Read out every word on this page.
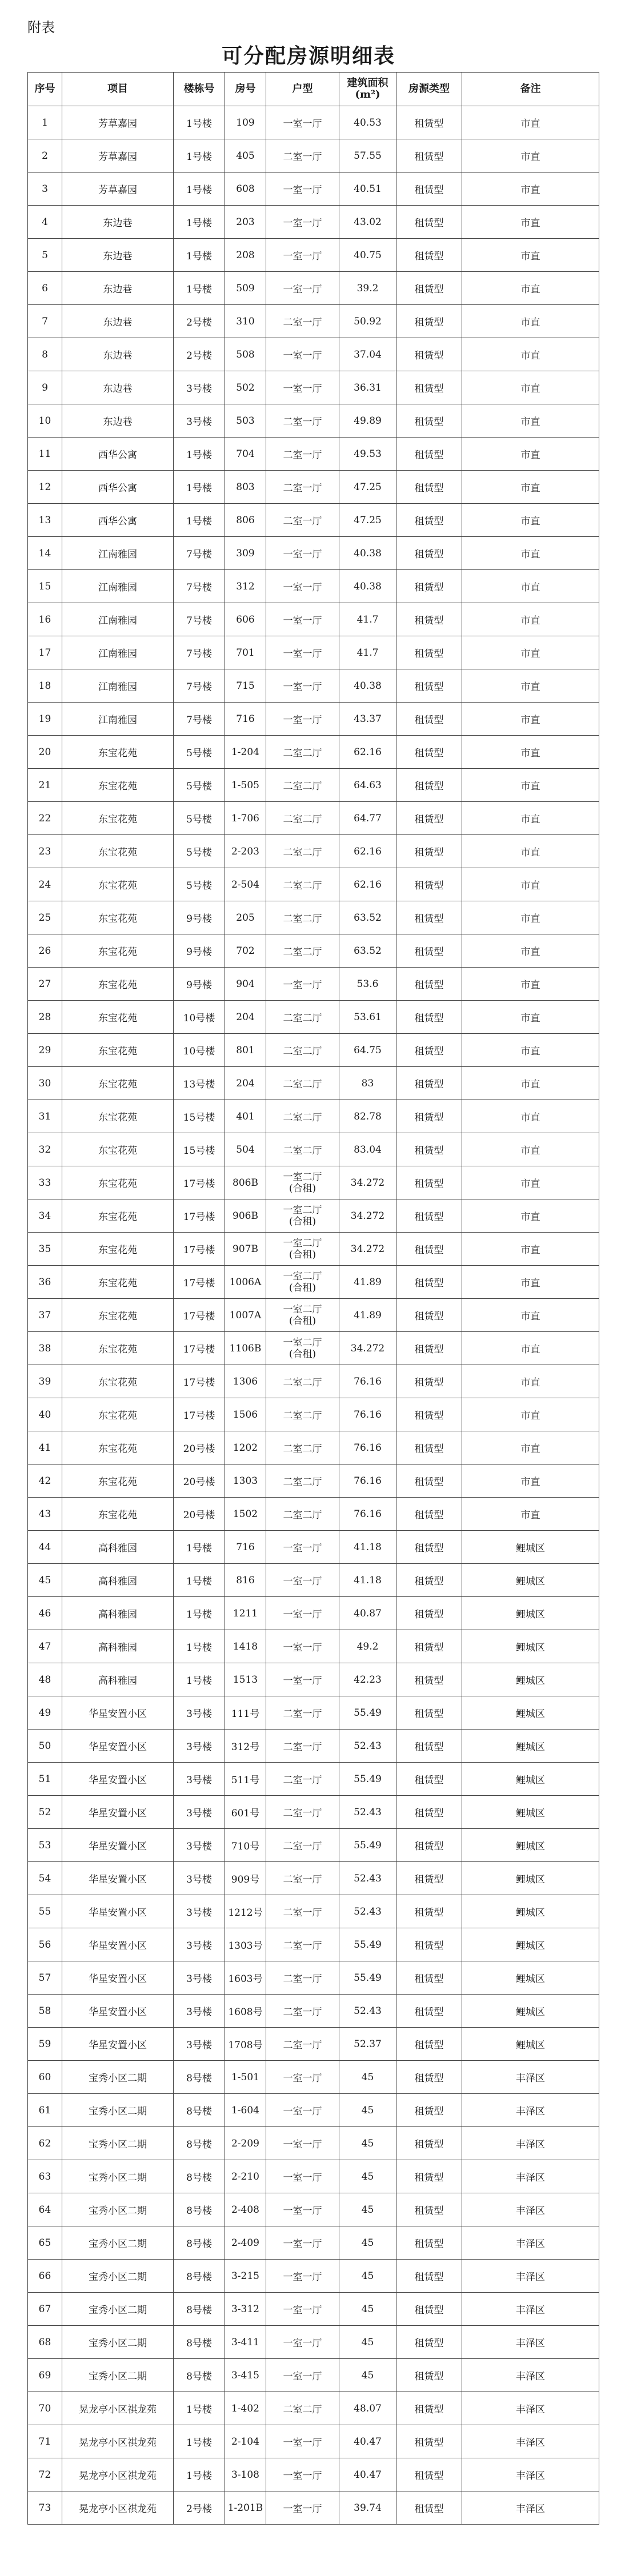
附表
可分配房源明细表
序号	项目	楼栋号	房号	户型	建筑面积
(m²)	房源类型	备注
1	芳草嘉园	1号楼	109	一室一厅	40.53	租赁型	市直
2	芳草嘉园	1号楼	405	二室一厅	57.55	租赁型	市直
3	芳草嘉园	1号楼	608	一室一厅	40.51	租赁型	市直
4	东边巷	1号楼	203	一室一厅	43.02	租赁型	市直
5	东边巷	1号楼	208	一室一厅	40.75	租赁型	市直
6	东边巷	1号楼	509	一室一厅	39.2	租赁型	市直
7	东边巷	2号楼	310	二室一厅	50.92	租赁型	市直
8	东边巷	2号楼	508	一室一厅	37.04	租赁型	市直
9	东边巷	3号楼	502	一室一厅	36.31	租赁型	市直
10	东边巷	3号楼	503	二室一厅	49.89	租赁型	市直
11	西华公寓	1号楼	704	二室一厅	49.53	租赁型	市直
12	西华公寓	1号楼	803	二室一厅	47.25	租赁型	市直
13	西华公寓	1号楼	806	二室一厅	47.25	租赁型	市直
14	江南雅园	7号楼	309	一室一厅	40.38	租赁型	市直
15	江南雅园	7号楼	312	一室一厅	40.38	租赁型	市直
16	江南雅园	7号楼	606	一室一厅	41.7	租赁型	市直
17	江南雅园	7号楼	701	一室一厅	41.7	租赁型	市直
18	江南雅园	7号楼	715	一室一厅	40.38	租赁型	市直
19	江南雅园	7号楼	716	一室一厅	43.37	租赁型	市直
20	东宝花苑	5号楼	1-204	二室二厅	62.16	租赁型	市直
21	东宝花苑	5号楼	1-505	二室二厅	64.63	租赁型	市直
22	东宝花苑	5号楼	1-706	二室二厅	64.77	租赁型	市直
23	东宝花苑	5号楼	2-203	二室二厅	62.16	租赁型	市直
24	东宝花苑	5号楼	2-504	二室二厅	62.16	租赁型	市直
25	东宝花苑	9号楼	205	二室二厅	63.52	租赁型	市直
26	东宝花苑	9号楼	702	二室二厅	63.52	租赁型	市直
27	东宝花苑	9号楼	904	一室一厅	53.6	租赁型	市直
28	东宝花苑	10号楼	204	二室二厅	53.61	租赁型	市直
29	东宝花苑	10号楼	801	二室二厅	64.75	租赁型	市直
30	东宝花苑	13号楼	204	二室二厅	83	租赁型	市直
31	东宝花苑	15号楼	401	二室二厅	82.78	租赁型	市直
32	东宝花苑	15号楼	504	二室二厅	83.04	租赁型	市直
33	东宝花苑	17号楼	806B	一室二厅
(合租)	34.272	租赁型	市直
34	东宝花苑	17号楼	906B	一室二厅
(合租)	34.272	租赁型	市直
35	东宝花苑	17号楼	907B	一室二厅
(合租)	34.272	租赁型	市直
36	东宝花苑	17号楼	1006A	一室二厅
(合租)	41.89	租赁型	市直
37	东宝花苑	17号楼	1007A	一室二厅
(合租)	41.89	租赁型	市直
38	东宝花苑	17号楼	1106B	一室二厅
(合租)	34.272	租赁型	市直
39	东宝花苑	17号楼	1306	二室二厅	76.16	租赁型	市直
40	东宝花苑	17号楼	1506	二室二厅	76.16	租赁型	市直
41	东宝花苑	20号楼	1202	二室二厅	76.16	租赁型	市直
42	东宝花苑	20号楼	1303	二室二厅	76.16	租赁型	市直
43	东宝花苑	20号楼	1502	二室二厅	76.16	租赁型	市直
44	高科雅园	1号楼	716	一室一厅	41.18	租赁型	鲤城区
45	高科雅园	1号楼	816	一室一厅	41.18	租赁型	鲤城区
46	高科雅园	1号楼	1211	一室一厅	40.87	租赁型	鲤城区
47	高科雅园	1号楼	1418	一室一厅	49.2	租赁型	鲤城区
48	高科雅园	1号楼	1513	一室一厅	42.23	租赁型	鲤城区
49	华星安置小区	3号楼	111号	二室一厅	55.49	租赁型	鲤城区
50	华星安置小区	3号楼	312号	二室一厅	52.43	租赁型	鲤城区
51	华星安置小区	3号楼	511号	二室一厅	55.49	租赁型	鲤城区
52	华星安置小区	3号楼	601号	二室一厅	52.43	租赁型	鲤城区
53	华星安置小区	3号楼	710号	二室一厅	55.49	租赁型	鲤城区
54	华星安置小区	3号楼	909号	二室一厅	52.43	租赁型	鲤城区
55	华星安置小区	3号楼	1212号	二室一厅	52.43	租赁型	鲤城区
56	华星安置小区	3号楼	1303号	二室一厅	55.49	租赁型	鲤城区
57	华星安置小区	3号楼	1603号	二室一厅	55.49	租赁型	鲤城区
58	华星安置小区	3号楼	1608号	二室一厅	52.43	租赁型	鲤城区
59	华星安置小区	3号楼	1708号	二室一厅	52.37	租赁型	鲤城区
60	宝秀小区二期	8号楼	1-501	一室一厅	45	租赁型	丰泽区
61	宝秀小区二期	8号楼	1-604	一室一厅	45	租赁型	丰泽区
62	宝秀小区二期	8号楼	2-209	一室一厅	45	租赁型	丰泽区
63	宝秀小区二期	8号楼	2-210	一室一厅	45	租赁型	丰泽区
64	宝秀小区二期	8号楼	2-408	一室一厅	45	租赁型	丰泽区
65	宝秀小区二期	8号楼	2-409	一室一厅	45	租赁型	丰泽区
66	宝秀小区二期	8号楼	3-215	一室一厅	45	租赁型	丰泽区
67	宝秀小区二期	8号楼	3-312	一室一厅	45	租赁型	丰泽区
68	宝秀小区二期	8号楼	3-411	一室一厅	45	租赁型	丰泽区
69	宝秀小区二期	8号楼	3-415	一室一厅	45	租赁型	丰泽区
70	晃龙亭小区祺龙苑	1号楼	1-402	二室二厅	48.07	租赁型	丰泽区
71	晃龙亭小区祺龙苑	1号楼	2-104	一室一厅	40.47	租赁型	丰泽区
72	晃龙亭小区祺龙苑	1号楼	3-108	一室一厅	40.47	租赁型	丰泽区
73	晃龙亭小区祺龙苑	2号楼	1-201B	一室一厅	39.74	租赁型	丰泽区
